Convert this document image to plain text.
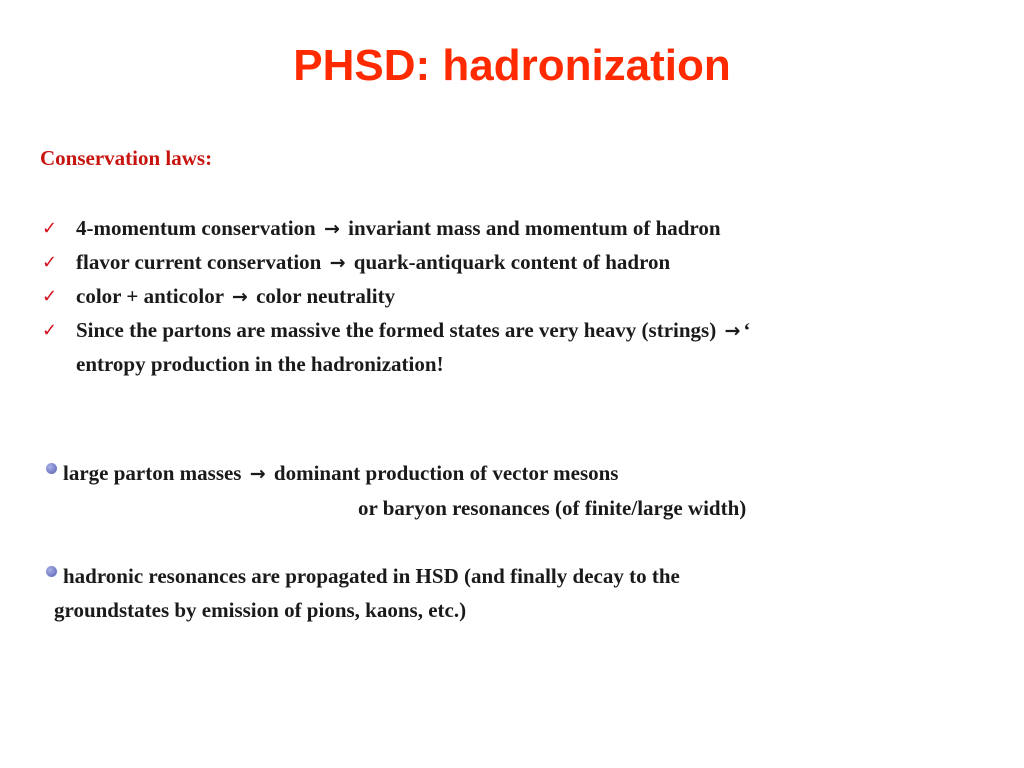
PHSD: hadronization
Conservation laws:
✓ 4-momentum conservation → invariant mass and momentum of hadron
✓ flavor current conservation → quark-antiquark content of hadron
✓ color + anticolor → color neutrality
✓ Since the partons are massive the formed states are very heavy (strings) → ‘
entropy production in the hadronization!
large parton masses → dominant production of vector mesons
or baryon resonances (of finite/large width)
hadronic resonances are propagated in HSD (and finally decay to the
groundstates by emission of pions, kaons, etc.)
